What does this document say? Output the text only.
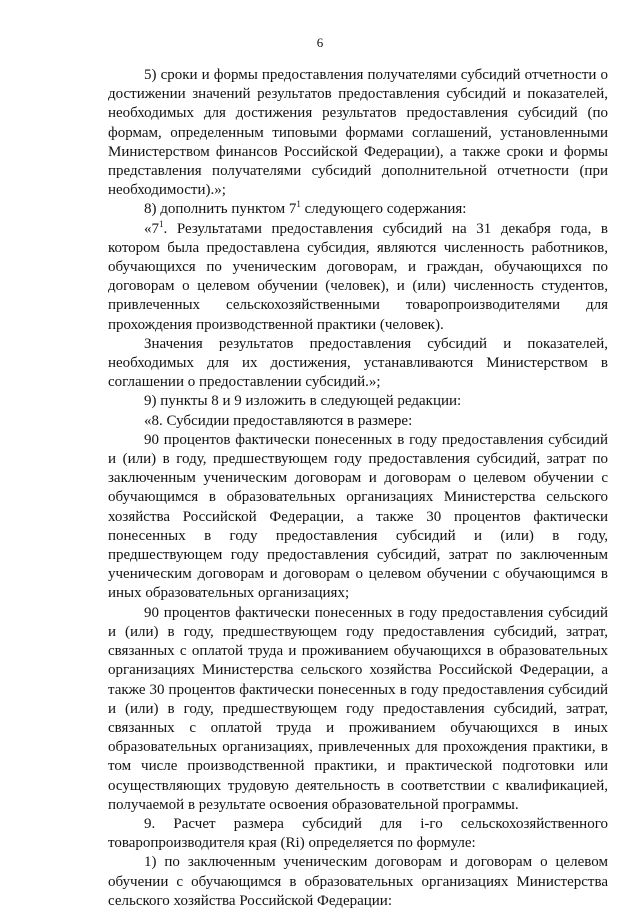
6

5) сроки и формы предоставления получателями субсидий отчетности о достижении значений результатов предоставления субсидий и показателей, необходимых для достижения результатов предоставления субсидий (по формам, определенным типовыми формами соглашений, установленными Министерством финансов Российской Федерации), а также сроки и формы представления получателями субсидий дополнительной отчетности (при необходимости).»;

8) дополнить пунктом $7^1$ следующего содержания:

«$7^1$. Результатами предоставления субсидий на 31 декабря года, в котором была предоставлена субсидия, являются численность работников, обучающихся по ученическим договорам, и граждан, обучающихся по договорам о целевом обучении (человек), и (или) численность студентов, привлеченных сельскохозяйственными товаропроизводителями для прохождения производственной практики (человек).

Значения результатов предоставления субсидий и показателей, необходимых для их достижения, устанавливаются Министерством в соглашении о предоставлении субсидий.»;

9) пункты 8 и 9 изложить в следующей редакции:

«8. Субсидии предоставляются в размере:

90 процентов фактически понесенных в году предоставления субсидий и (или) в году, предшествующем году предоставления субсидий, затрат по заключенным ученическим договорам и договорам о целевом обучении с обучающимся в образовательных организациях Министерства сельского хозяйства Российской Федерации, а также 30 процентов фактически понесенных в году предоставления субсидий и (или) в году, предшествующем году предоставления субсидий, затрат по заключенным ученическим договорам и договорам о целевом обучении с обучающимся в иных образовательных организациях;

90 процентов фактически понесенных в году предоставления субсидий и (или) в году, предшествующем году предоставления субсидий, затрат, связанных с оплатой труда и проживанием обучающихся в образовательных организациях Министерства сельского хозяйства Российской Федерации, а также 30 процентов фактически понесенных в году предоставления субсидий и (или) в году, предшествующем году предоставления субсидий, затрат, связанных с оплатой труда и проживанием обучающихся в иных образовательных организациях, привлеченных для прохождения практики, в том числе производственной практики, и практической подготовки или осуществляющих трудовую деятельность в соответствии с квалификацией, получаемой в результате освоения образовательной программы.

9. Расчет размера субсидий для i-го сельскохозяйственного товаропроизводителя края (Ri) определяется по формуле:

1) по заключенным ученическим договорам и договорам о целевом обучении с обучающимся в образовательных организациях Министерства сельского хозяйства Российской Федерации:
